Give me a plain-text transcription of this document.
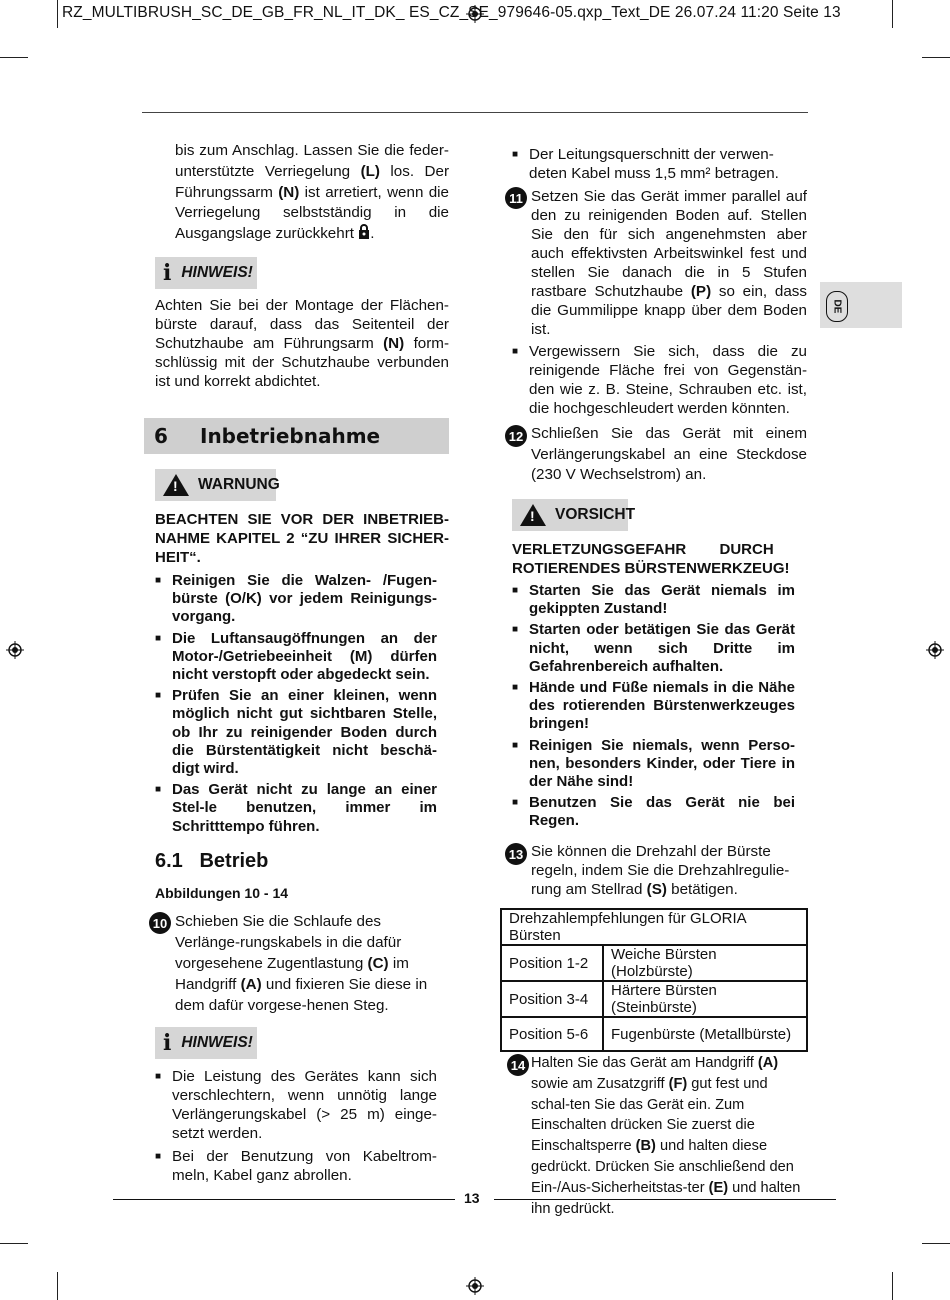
RZ_MULTIBRUSH_SC_DE_GB_FR_NL_IT_DK_ ES_CZ_SE_979646-05.qxp_Text_DE 26.07.24 11:20 Seite 13
DE
bis zum Anschlag. Lassen Sie die feder- unterstützte Verriegelung (L) los. Der Führungssarm (N) ist arretiert, wenn die Verriegelung selbstständig in die Ausgangslage zurückkehrt .
i HINWEIS!
Achten Sie bei der Montage der Flächen-bürste darauf, dass das Seitenteil der Schutzhaube am Führungsarm (N) form-schlüssig mit der Schutzhaube verbunden ist und korrekt abdichtet.
6	Inbetriebnahme
! WARNUNG
BEACHTEN SIE VOR DER INBETRIEB-NAHME KAPITEL 2 “ZU IHRER SICHER-HEIT“.
■ Reinigen Sie die Walzen- /Fugen-bürste (O/K) vor jedem Reinigungs-vorgang.
■ Die Luftansaugöffnungen an der Motor-/Getriebeeinheit (M) dürfen nicht verstopft oder abgedeckt sein.
■ Prüfen Sie an einer kleinen, wenn möglich nicht gut sichtbaren Stelle, ob Ihr zu reinigender Boden durch die Bürstentätigkeit nicht beschä-digt wird.
■ Das Gerät nicht zu lange an einer Stel-le benutzen, immer im Schritttempo führen.
6.1   Betrieb
Abbildungen 10 - 14
10 Schieben Sie die Schlaufe des Verlänge-rungskabels in die dafür vorgesehene Zugentlastung (C) im Handgriff (A) und fixieren Sie diese in dem dafür vorgese-henen Steg.
i HINWEIS!
■ Die Leistung des Gerätes kann sich verschlechtern, wenn unnötig lange Verlängerungskabel (> 25 m) einge-setzt werden.
■ Bei der Benutzung von Kabeltrom-meln, Kabel ganz abrollen.
■ Der Leitungsquerschnitt der verwen-deten Kabel muss 1,5 mm² betragen.
11 Setzen Sie das Gerät immer parallel auf den zu reinigenden Boden auf. Stellen Sie den für sich angenehmsten aber auch effektivsten Arbeitswinkel fest und stellen Sie danach die in 5 Stufen rastbare Schutzhaube (P) so ein, dass die Gummilippe knapp über dem Boden ist.
■ Vergewissern Sie sich, dass die zu reinigende Fläche frei von Gegenstän-den wie z. B. Steine, Schrauben etc. ist, die hochgeschleudert werden könnten.
12 Schließen Sie das Gerät mit einem Verlängerungskabel an eine Steckdose (230 V Wechselstrom) an.
! VORSICHT
VERLETZUNGSGEFAHR        DURCH ROTIERENDES BÜRSTENWERKZEUG!
■ Starten Sie das Gerät niemals im gekippten Zustand!
■ Starten oder betätigen Sie das Gerät nicht, wenn sich Dritte im Gefahrenbereich aufhalten.
■ Hände und Füße niemals in die Nähe des rotierenden Bürstenwerkzeuges bringen!
■ Reinigen Sie niemals, wenn Perso-nen, besonders Kinder, oder Tiere in der Nähe sind!
■ Benutzen Sie das Gerät nie bei Regen.
13 Sie können die Drehzahl der Bürste regeln, indem Sie die Drehzahlregulie-rung am Stellrad (S) betätigen.
Drehzahlempfehlungen für GLORIA Bürsten	
Position 1-2	Weiche Bürsten (Holzbürste)
Position 3-4	Härtere Bürsten (Steinbürste)
Position 5-6	Fugenbürste (Metallbürste)
14 Halten Sie das Gerät am Handgriff (A) sowie am Zusatzgriff (F) gut fest und schal-ten Sie das Gerät ein. Zum Einschalten drücken Sie zuerst die Einschaltsperre (B) und halten diese gedrückt. Drücken Sie anschließend den Ein-/Aus-Sicherheitstas-ter (E) und halten ihn gedrückt.
13
